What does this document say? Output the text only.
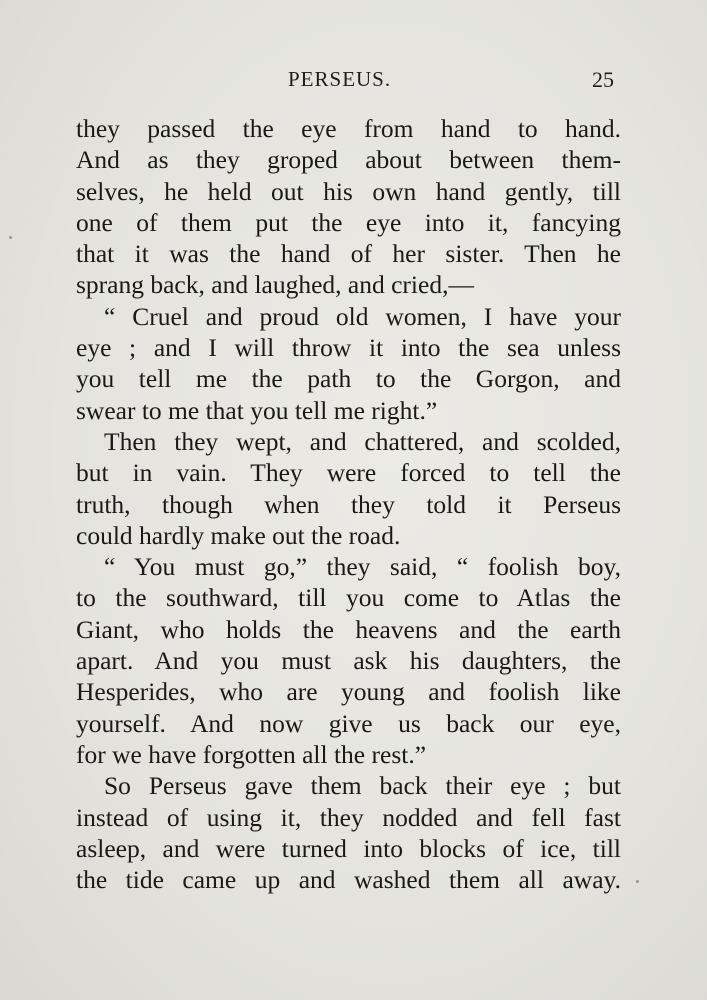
PERSEUS.	25
they passed the eye from hand to hand.
And as they groped about between them-
selves, he held out his own hand gently, till
one of them put the eye into it, fancying
that it was the hand of her sister. Then he
sprang back, and laughed, and cried,—
“ Cruel and proud old women, I have your
eye ; and I will throw it into the sea unless
you tell me the path to the Gorgon, and
swear to me that you tell me right.”
Then they wept, and chattered, and scolded,
but in vain. They were forced to tell the
truth, though when they told it Perseus
could hardly make out the road.
“ You must go,” they said, “ foolish boy,
to the southward, till you come to Atlas the
Giant, who holds the heavens and the earth
apart. And you must ask his daughters, the
Hesperides, who are young and foolish like
yourself. And now give us back our eye,
for we have forgotten all the rest.”
So Perseus gave them back their eye ; but
instead of using it, they nodded and fell fast
asleep, and were turned into blocks of ice, till
the tide came up and washed them all away.
